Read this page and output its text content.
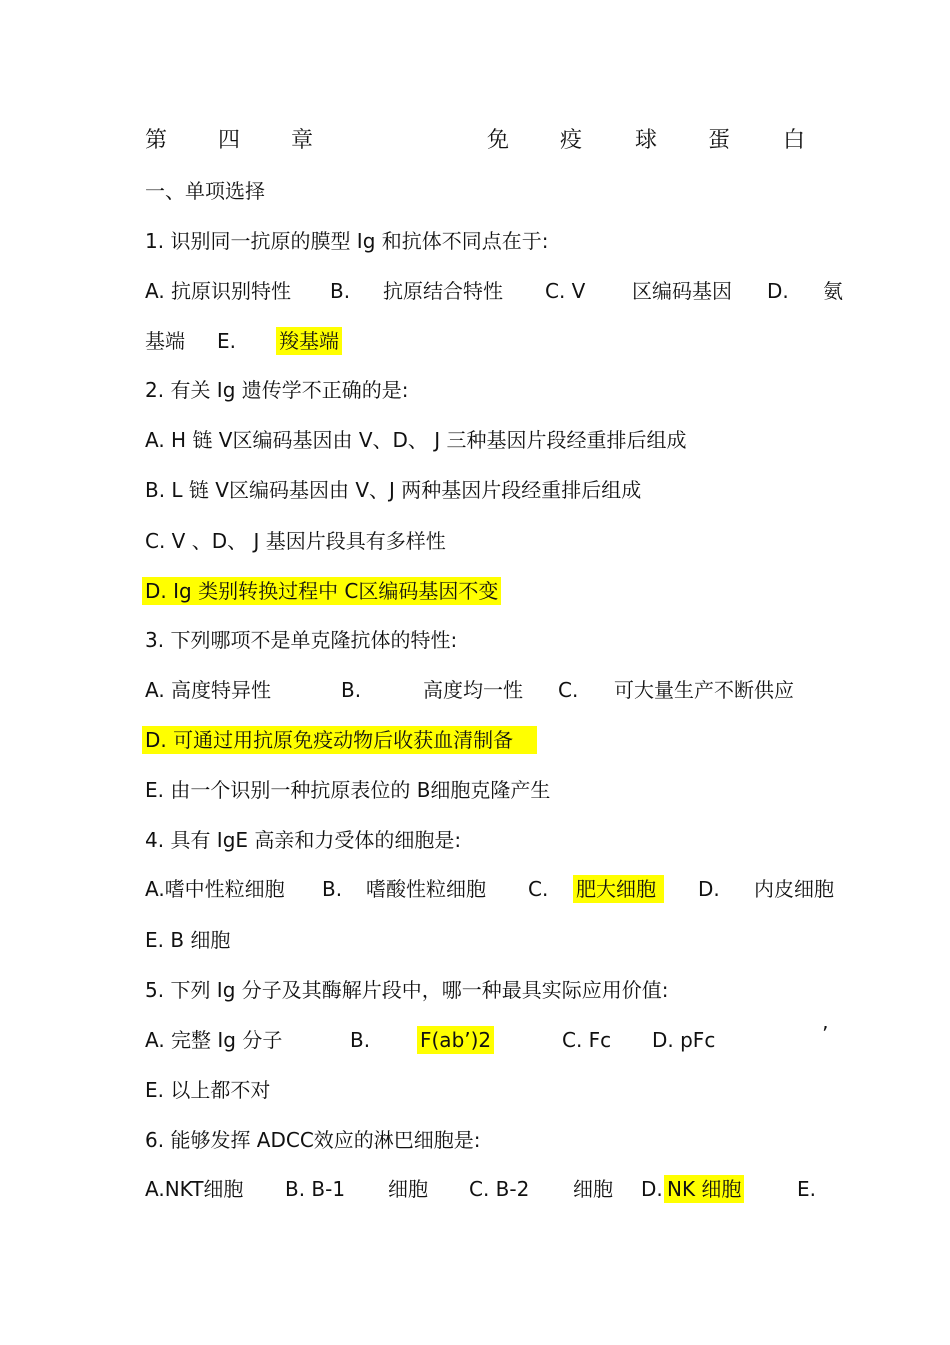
第 四 章	免 疫 球 蛋 白
一、单项选择
1. 识别同一抗原的膜型 Ig 和抗体不同点在于:
A. 抗原识别特性 B. 抗原结合特性 C. V 区编码基因 D. 氨
基端 E. 羧基端
2. 有关 Ig 遗传学不正确的是:
A. H 链 V区编码基因由 V、D、 J 三种基因片段经重排后组成
B. L 链 V区编码基因由 V、J 两种基因片段经重排后组成
C. V 、D、 J 基因片段具有多样性
D. Ig 类别转换过程中 C区编码基因不变
3. 下列哪项不是单克隆抗体的特性:
A. 高度特异性	B.	高度均一性 C. 可大量生产不断供应
D. 可通过用抗原免疫动物后收获血清制备
E. 由一个识别一种抗原表位的 B细胞克隆产生
4. 具有 IgE 高亲和力受体的细胞是:
A.嗜中性粒细胞 B. 嗜酸性粒细胞 C. 肥大细胞	D. 内皮细胞
E. B 细胞
5. 下列 Ig 分子及其酶解片段中，哪一种最具实际应用价值:
A. 完整 Ig 分子	B. F(ab’)2	C. Fc D. pFc	’
E. 以上都不对
6. 能够发挥 ADCC效应的淋巴细胞是:
A.NKT细胞 B. B-1 细胞 C. B-2 细胞 D. NK 细胞	E.
